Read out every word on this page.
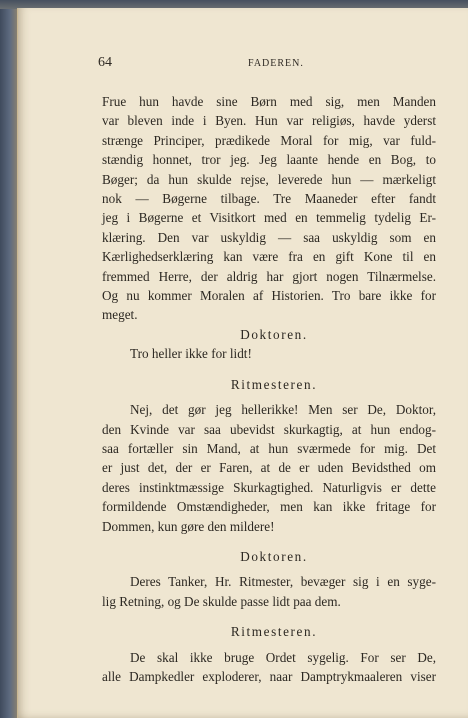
64	FADEREN.
Frue hun havde sine Børn med sig, men Manden
var bleven inde i Byen. Hun var religiøs, havde yderst
strænge Principer, prædikede Moral for mig, var fuld-
stændig honnet, tror jeg. Jeg laante hende en Bog, to
Bøger; da hun skulde rejse, leverede hun — mærkeligt
nok — Bøgerne tilbage. Tre Maaneder efter fandt
jeg i Bøgerne et Visitkort med en temmelig tydelig Er-
klæring. Den var uskyldig — saa uskyldig som en
Kærlighedserklæring kan være fra en gift Kone til en
fremmed Herre, der aldrig har gjort nogen Tilnærmelse.
Og nu kommer Moralen af Historien. Tro bare ikke for
meget.

Doktoren.

Tro heller ikke for lidt!

Ritmesteren.

Nej, det gør jeg hellerikke! Men ser De, Doktor,
den Kvinde var saa ubevidst skurkagtig, at hun endog-
saa fortæller sin Mand, at hun sværmede for mig. Det
er just det, der er Faren, at de er uden Bevidsthed om
deres instinktmæssige Skurkagtighed. Naturligvis er dette
formildende Omstændigheder, men kan ikke fritage for
Dommen, kun gøre den mildere!

Doktoren.

Deres Tanker, Hr. Ritmester, bevæger sig i en syge-
lig Retning, og De skulde passe lidt paa dem.

Ritmesteren.

De skal ikke bruge Ordet sygelig. For ser De,
alle Dampkedler exploderer, naar Damptrykmaaleren viser
